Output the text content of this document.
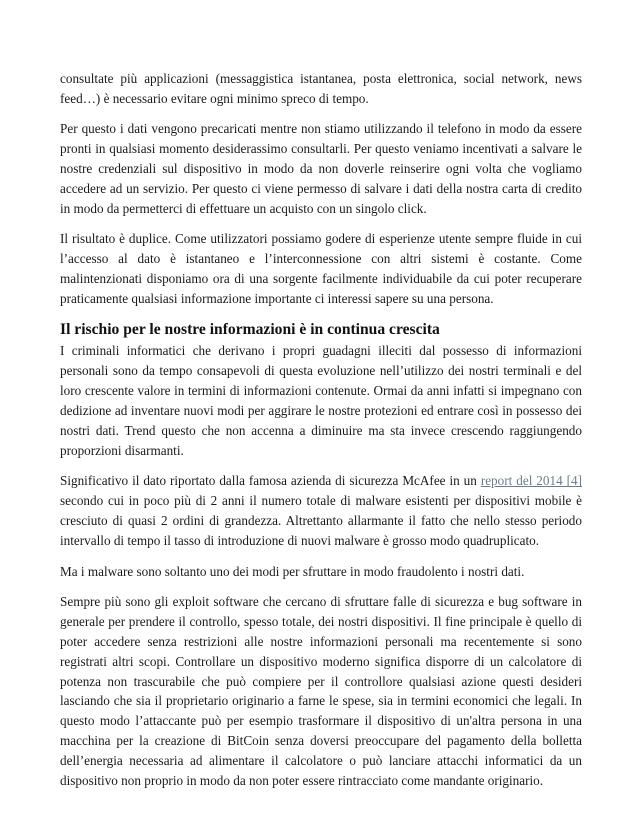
consultate più applicazioni (messaggistica istantanea, posta elettronica, social network, news feed…) è necessario evitare ogni minimo spreco di tempo.

Per questo i dati vengono precaricati mentre non stiamo utilizzando il telefono in modo da essere pronti in qualsiasi momento desiderassimo consultarli. Per questo veniamo incentivati a salvare le nostre credenziali sul dispositivo in modo da non doverle reinserire ogni volta che vogliamo accedere ad un servizio. Per questo ci viene permesso di salvare i dati della nostra carta di credito in modo da permetterci di effettuare un acquisto con un singolo click.

Il risultato è duplice. Come utilizzatori possiamo godere di esperienze utente sempre fluide in cui l’accesso al dato è istantaneo e l’interconnessione con altri sistemi è costante. Come malintenzionati disponiamo ora di una sorgente facilmente individuabile da cui poter recuperare praticamente qualsiasi informazione importante ci interessi sapere su una persona.

Il rischio per le nostre informazioni è in continua crescita

I criminali informatici che derivano i propri guadagni illeciti dal possesso di informazioni personali sono da tempo consapevoli di questa evoluzione nell’utilizzo dei nostri terminali e del loro crescente valore in termini di informazioni contenute. Ormai da anni infatti si impegnano con dedizione ad inventare nuovi modi per aggirare le nostre protezioni ed entrare così in possesso dei nostri dati. Trend questo che non accenna a diminuire ma sta invece crescendo raggiungendo proporzioni disarmanti.

Significativo il dato riportato dalla famosa azienda di sicurezza McAfee in un report del 2014 [4] secondo cui in poco più di 2 anni il numero totale di malware esistenti per dispositivi mobile è cresciuto di quasi 2 ordini di grandezza. Altrettanto allarmante il fatto che nello stesso periodo intervallo di tempo il tasso di introduzione di nuovi malware è grosso modo quadruplicato.

Ma i malware sono soltanto uno dei modi per sfruttare in modo fraudolento i nostri dati.

Sempre più sono gli exploit software che cercano di sfruttare falle di sicurezza e bug software in generale per prendere il controllo, spesso totale, dei nostri dispositivi. Il fine principale è quello di poter accedere senza restrizioni alle nostre informazioni personali ma recentemente si sono registrati altri scopi. Controllare un dispositivo moderno significa disporre di un calcolatore di potenza non trascurabile che può compiere per il controllore qualsiasi azione questi desideri lasciando che sia il proprietario originario a farne le spese, sia in termini economici che legali. In questo modo l’attaccante può per esempio trasformare il dispositivo di un'altra persona in una macchina per la creazione di BitCoin senza doversi preoccupare del pagamento della bolletta dell’energia necessaria ad alimentare il calcolatore o può lanciare attacchi informatici da un dispositivo non proprio in modo da non poter essere rintracciato come mandante originario.
